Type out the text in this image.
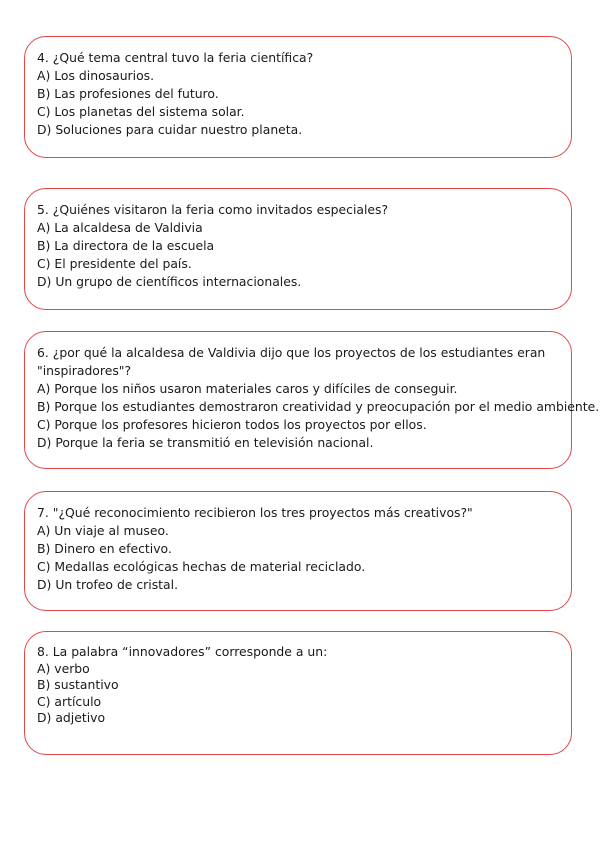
4. ¿Qué tema central tuvo la feria científica?

A) Los dinosaurios.

B) Las profesiones del futuro.

C) Los planetas del sistema solar.

D) Soluciones para cuidar nuestro planeta.

5. ¿Quiénes visitaron la feria como invitados especiales?

A) La alcaldesa de Valdivia

B) La directora de la escuela

C) El presidente del país.

D) Un grupo de científicos internacionales.

6. ¿por qué la alcaldesa de Valdivia dijo que los proyectos de los estudiantes eran "inspiradores"?

A) Porque los niños usaron materiales caros y difíciles de conseguir.

B) Porque los estudiantes demostraron creatividad y preocupación por el medio ambiente.

C) Porque los profesores hicieron todos los proyectos por ellos.

D) Porque la feria se transmitió en televisión nacional.

7. "¿Qué reconocimiento recibieron los tres proyectos más creativos?"

A) Un viaje al museo.

B) Dinero en efectivo.

C) Medallas ecológicas hechas de material reciclado.

D) Un trofeo de cristal.

8. La palabra “innovadores” corresponde a un:

A) verbo

B) sustantivo

C) artículo

D) adjetivo
